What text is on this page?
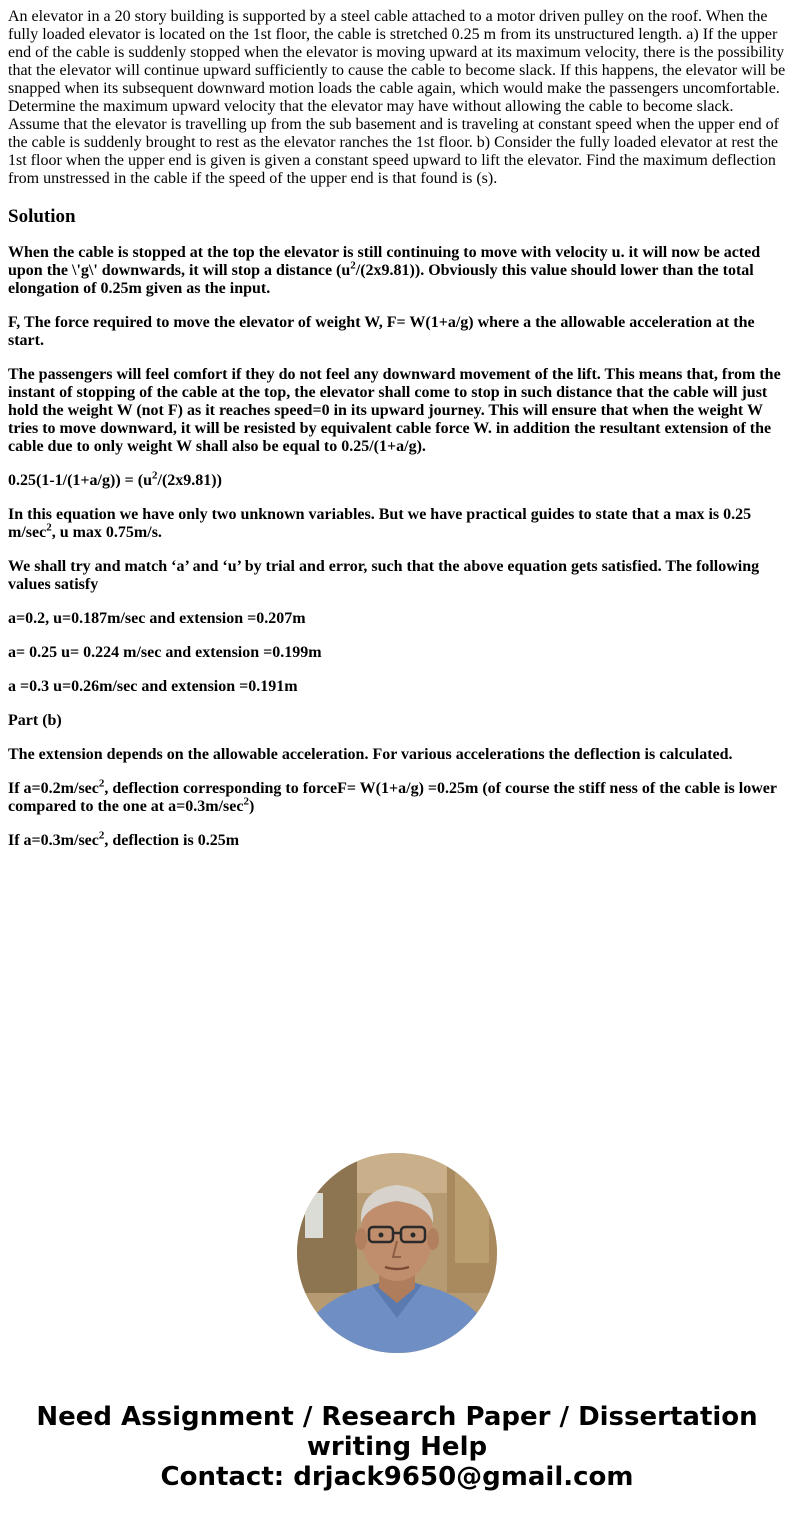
An elevator in a 20 story building is supported by a steel cable attached to a motor driven pulley on the roof. When the fully loaded elevator is located on the 1st floor, the cable is stretched 0.25 m from its unstructured length. a) If the upper end of the cable is suddenly stopped when the elevator is moving upward at its maximum velocity, there is the possibility that the elevator will continue upward sufficiently to cause the cable to become slack. If this happens, the elevator will be snapped when its subsequent downward motion loads the cable again, which would make the passengers uncomfortable. Determine the maximum upward velocity that the elevator may have without allowing the cable to become slack. Assume that the elevator is travelling up from the sub basement and is traveling at constant speed when the upper end of the cable is suddenly brought to rest as the elevator ranches the 1st floor. b) Consider the fully loaded elevator at rest the 1st floor when the upper end is given is given a constant speed upward to lift the elevator. Find the maximum deflection from unstressed in the cable if the speed of the upper end is that found is (s).

Solution

When the cable is stopped at the top the elevator is still continuing to move with velocity u. it will now be acted upon the \'g\' downwards, it will stop a distance $(u^2/(2x9.81))$. Obviously this value should lower than the total elongation of 0.25m given as the input.

F, The force required to move the elevator of weight W, F= W(1+a/g) where a the allowable acceleration at the start.

The passengers will feel comfort if they do not feel any downward movement of the lift. This means that, from the instant of stopping of the cable at the top, the elevator shall come to stop in such distance that the cable will just hold the weight W (not F) as it reaches speed=0 in its upward journey. This will ensure that when the weight W tries to move downward, it will be resisted by equivalent cable force W. in addition the resultant extension of the cable due to only weight W shall also be equal to 0.25/(1+a/g).

$0.25(1-1/(1+a/g)) = (u^2/(2x9.81))$

In this equation we have only two unknown variables. But we have practical guides to state that a max is 0.25 $m/\sec^2$, u max 0.75m/s.

We shall try and match ‘a’ and ‘u’ by trial and error, such that the above equation gets satisfied. The following values satisfy

a=0.2, u=0.187m/sec and extension =0.207m

a= 0.25 u= 0.224 m/sec and extension =0.199m

a =0.3 u=0.26m/sec and extension =0.191m

Part (b)

The extension depends on the allowable acceleration. For various accelerations the deflection is calculated.

If $a=0.2m/\sec^2$, deflection corresponding to forceF= W(1+a/g) =0.25m (of course the stiff ness of the cable is lower compared to the one at $a=0.3m/\sec^2$)

If $a=0.3m/\sec^2$, deflection is 0.25m

Need Assignment / Research Paper / Dissertation
writing Help
Contact: drjack9650@gmail.com
